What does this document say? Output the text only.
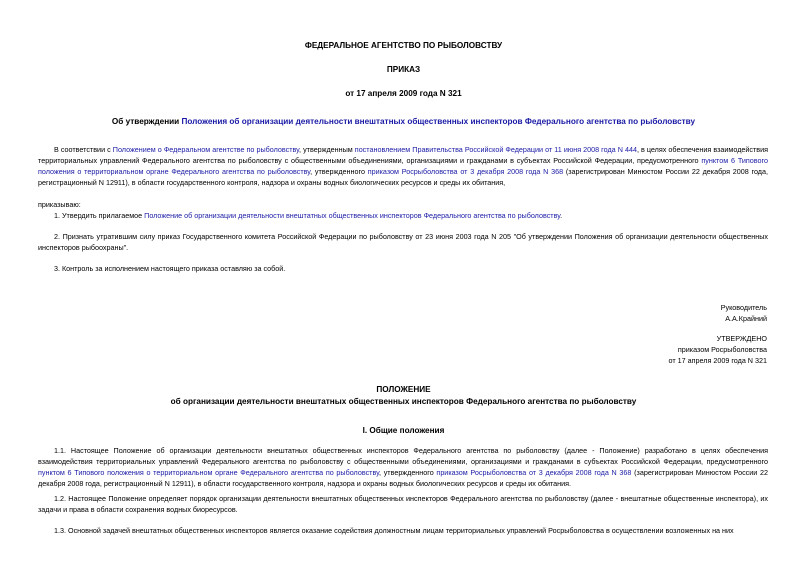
ФЕДЕРАЛЬНОЕ АГЕНТСТВО ПО РЫБОЛОВСТВУ
ПРИКАЗ
от 17 апреля 2009 года N 321
Об утверждении Положения об организации деятельности внештатных общественных инспекторов Федерального агентства по рыболовству

В соответствии с Положением о Федеральном агентстве по рыболовству, утвержденным постановлением Правительства Российской Федерации от 11 июня 2008 года N 444, в целях обеспечения взаимодействия территориальных управлений Федерального агентства по рыболовству с общественными объединениями, организациями и гражданами в субъектах Российской Федерации, предусмотренного пунктом 6 Типового положения о территориальном органе Федерального агентства по рыболовству, утвержденного приказом Росрыболовства от 3 декабря 2008 года N 368 (зарегистрирован Минюстом России 22 декабря 2008 года, регистрационный N 12911), в области государственного контроля, надзора и охраны водных биологических ресурсов и среды их обитания,

приказываю:

1. Утвердить прилагаемое Положение об организации деятельности внештатных общественных инспекторов Федерального агентства по рыболовству.

2. Признать утратившим силу приказ Государственного комитета Российской Федерации по рыболовству от 23 июня 2003 года N 205 "Об утверждении Положения об организации деятельности общественных инспекторов рыбоохраны".

3. Контроль за исполнением настоящего приказа оставляю за собой.

Руководитель
А.А.Крайний
УТВЕРЖДЕНО
приказом Росрыболовства
от 17 апреля 2009 года N 321
ПОЛОЖЕНИЕ
об организации деятельности внештатных общественных инспекторов Федерального агентства по рыболовству
I. Общие положения

1.1. Настоящее Положение об организации деятельности внештатных общественных инспекторов Федерального агентства по рыболовству (далее - Положение) разработано в целях обеспечения взаимодействия территориальных управлений Федерального агентства по рыболовству с общественными объединениями, организациями и гражданами в субъектах Российской Федерации, предусмотренного пунктом 6 Типового положения о территориальном органе Федерального агентства по рыболовству, утвержденного приказом Росрыболовства от 3 декабря 2008 года N 368 (зарегистрирован Минюстом России 22 декабря 2008 года, регистрационный N 12911), в области государственного контроля, надзора и охраны водных биологических ресурсов и среды их обитания.

1.2. Настоящее Положение определяет порядок организации деятельности внештатных общественных инспекторов Федерального агентства по рыболовству (далее - внештатные общественные инспектора), их задачи и права в области сохранения водных биоресурсов.

1.3. Основной задачей внештатных общественных инспекторов является оказание содействия должностным лицам территориальных управлений Росрыболовства в осуществлении возложенных на них
